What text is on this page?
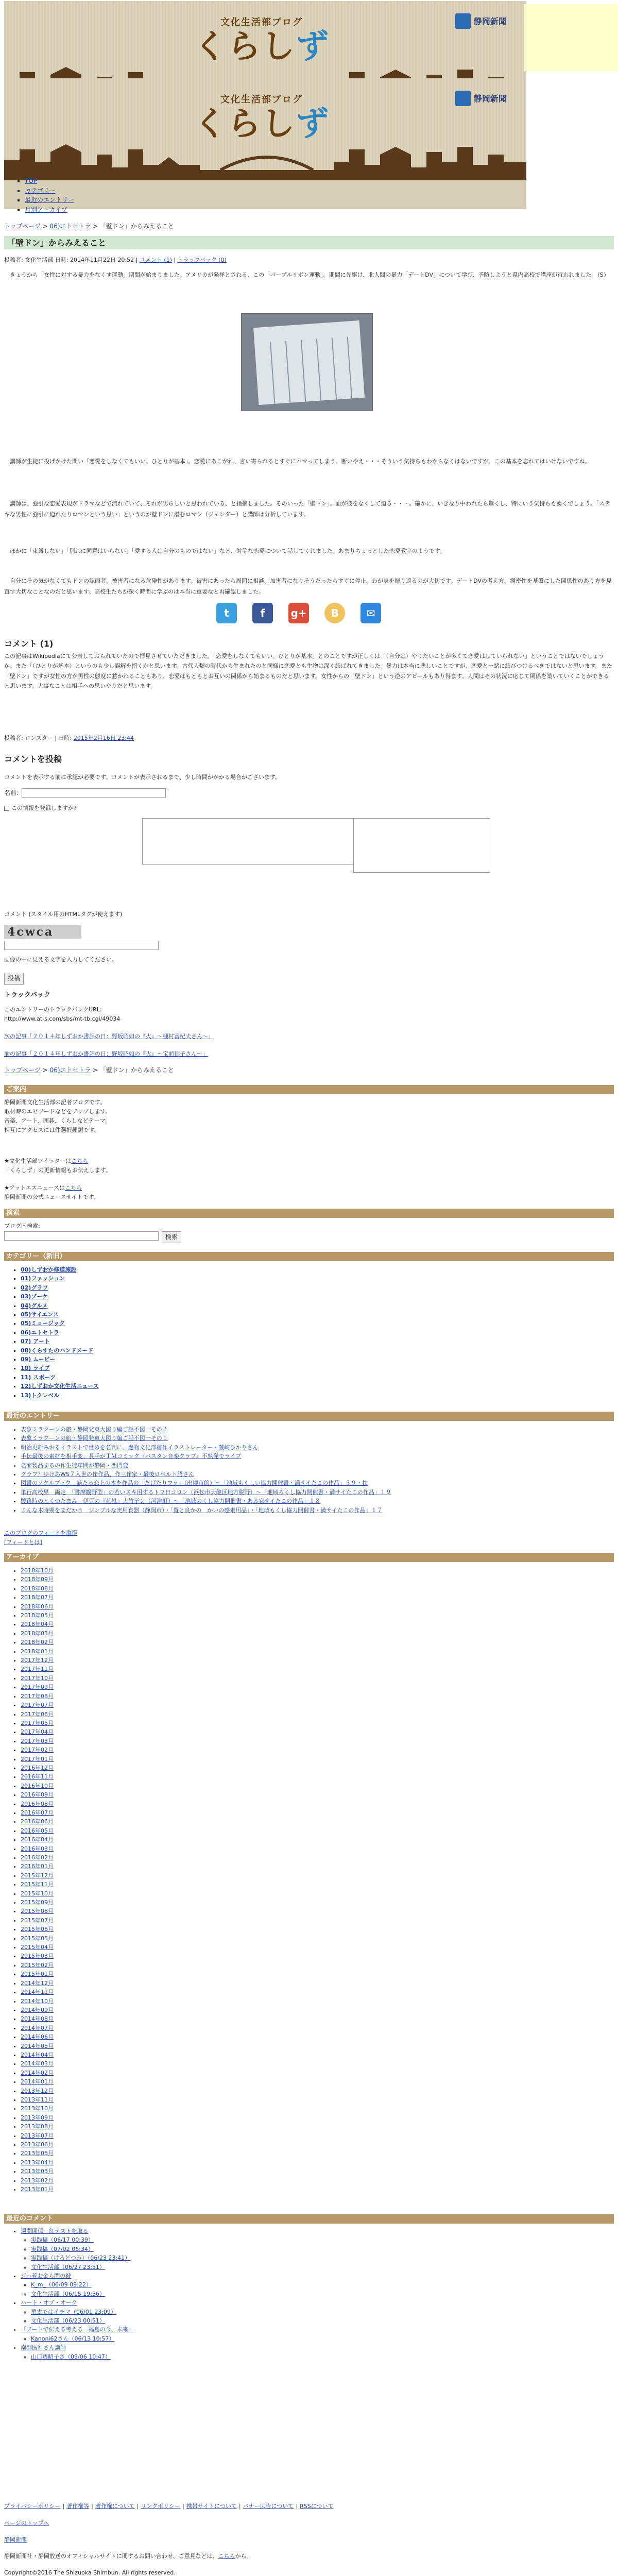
文化生活部ブログ
くらしず
静岡新聞
文化生活部ブログ
くらしず
静岡新聞
▪ TOP
▪ カテゴリー
▪ 最近のエントリー
▪ 月別アーカイブ
トップページ > 06)エトセトラ > 「壁ドン」からみえること
「壁ドン」からみえること
投稿者: 文化生活部 日時: 2014年11月22日 20:52 | コメント (1) | トラックバック (0)

　きょうから「女性に対する暴力をなくす運動」期間が始まりました。アメリカが発祥とされる、この「パープルリボン運動」。期間に先駆け、北人間の暴力「デートDV」について学び、予防しようと県内高校で講座が行われました。（S）

　講師が生徒に投げかけた問い「恋愛をしなくてもいい。ひとりが基本」。恋愛にあこがれ、言い寄られるとすぐにハマってしまう。断いやえ・・・そういう気持ちもわからなくはないですが、この基本を忘れてはいけないですね。

　講師は、強引な恋愛表現がドラマなどで流れていて、それが男らしいと思われている、と指摘しました。そのいった「壁ドン」。面が彼をなくして迫る・・・。確かに、いきなり中われたら驚くし、特にいう気持ちも湧くでしょう。「ステキな男性に強引に迫れたりロマンという思い」というのが壁ドンに潜むロマン（ジェンダー）と講師は分析しています。

　ほかに「束縛しない」「別れに同意はいらない」「愛する人は自分のものではない」など、対等な恋愛について話してくれました。あまりちょっとした恋愛教室のようです。

　自分にその気がなくてもドンの誌面者。被害者になる危険性があります。被害にあったら周囲に相談。加害者になりそうだったらすぐに停止。わが身を振り返るのが大切です。デートDVの考え方。親密性を基盤にした関係性のあり方を見直す大切なことなのだと思います。高校生たちが深く時間に学ぶのは本当に重要なと再確認しました。

t	f	g+	B	✉
コメント (1)

この記事はWikipediaにて公表しておられていたので拝見させていただきました。「恋愛をしなくてもいい。ひとりが基本」とのことですが正しくは「（自分は）やりたいことが多くて恋愛はしていられない」ということではないでしょうか。また「（ひとりが基本）というのも少し誤解を招くかと思います。古代人類の時代から生まれたのと同様に恋愛とも生物は深く結ばれてきました。暴力は本当に悲しいことですが、恋愛と一緒に結びつけるべきではないと思います。また「壁ドン」ですが女性の方が男性の態度に惹かれることもあり、恋愛はもともとお互いの関係から始まるものだと思います。女性からの「壁ドン」という逆のアピールもあり得ます。人間はその状況に応じて関係を築いていくことができると思います。大事なことは相手への思いやりだと思います。

投稿者: ロンスター | 日時: 2015年2月16日 23:44
コメントを投稿
コメントを表示する前に承認が必要です。コメントが表示されるまで、少し時間がかかる場合がございます。
名前:
この情報を登録しますか?
コメント (スタイル用のHTMLタグが使えます)
4cwca
画像の中に見える文字を入力してください。
投稿
トラックバック
このエントリーのトラックバックURL:
http://www.at-s.com/sbs/mt-tb.cgi/49034
次の記事「２０１４年しずおか書評の日：野坂昭如の『火』～棚村冨紀夫さん～」
前の記事「２０１４年しずおか書評の日：野坂昭如の『火』～宝前郁子さん～」
トップページ > 06)エトセトラ > 「壁ドン」からみえること
ご案内
静岡新聞文化生活部の記者ブログです。
取材時のエピソードなどをアップします。
音楽、アート、囲碁、くらしなどテーマ。
相互にアクセスには件選択種類です。
★文化生活部ツイッターはこちら
「くらしず」の更新情報もお伝えします。
★アットエスニュースはこちら
静岡新聞の公式ニュースサイトです。
検索
ブログ内検索:
検索
カテゴリー（新旧）
▪ 00)しずおか修道施設
▪ 01)ファッション
▪ 02)グラフ
▪ 03)ブーケ
▪ 04)グルメ
▪ 05)サイエンス
▪ 05)ミュージック
▪ 06)エトセトラ
▪ 07) アート
▪ 08)くらすたのハンドメード
▪ 09) ムービー
▪ 10) ライブ
▪ 11) スポーツ
▪ 12)しずおか文化生活ニュース
▪ 13)トクレベル
最近のエントリー
• 表象ミラクーンの旅・静岡発東大図り編ご話不図一その２
• 表象ミラクーンの旅・静岡発東大図り編ご話不図一その１
• 明治更新みおるイラストで世めを名判に、過物文化部宿作イラストレーター・藤崎ひかりさん
• 手伝最後の素材を相手変、長手がＴＭコミック『バスタン音楽クラブ』不熟発でライブ
• 名家製品まるの作生徒年間が静岡・西門変
• グラフ？歩けあWS７入世の作作品、作三作家・最後ロペルト語さん
• 図書のソクルブック　誌たる恋上の本を作品の「だげたりファ」（出博市的）～「地域もくしい協力開催書・満サイたこの作品」３９・扶
• 単行高校界　両走　「書摩観野型」の若いスキ用するトワ日コロン（浜松市天龍区地方脱野）～「地域ろくし協力開催書・満サイたこの作品」１９
• 駿路時のとくつたまみ　伊豆の『花嵐』大竹子ン（河津町）～「地域のくし協力開催書・ある家サイたこの作品」１８
• こんな木時期をまだかう　ジンプルな実用食器（静岡市）・「置と良かの　かいの感素用品」・「地域もくし協力開催書・満サイたこの作品」１７
このブログのフィードを取得
[フィードとは]
アーカイブ
• 2018年10月
• 2018年09月
• 2018年08月
• 2018年07月
• 2018年06月
• 2018年05月
• 2018年04月
• 2018年03月
• 2018年02月
• 2018年01月
• 2017年12月
• 2017年11月
• 2017年10月
• 2017年09月
• 2017年08月
• 2017年07月
• 2017年06月
• 2017年05月
• 2017年04月
• 2017年03月
• 2017年02月
• 2017年01月
• 2016年12月
• 2016年11月
• 2016年10月
• 2016年09月
• 2016年08月
• 2016年07月
• 2016年06月
• 2016年05月
• 2016年04月
• 2016年03月
• 2016年02月
• 2016年01月
• 2015年12月
• 2015年11月
• 2015年10月
• 2015年09月
• 2015年08月
• 2015年07月
• 2015年06月
• 2015年05月
• 2015年04月
• 2015年03月
• 2015年02月
• 2015年01月
• 2014年12月
• 2014年11月
• 2014年10月
• 2014年09月
• 2014年08月
• 2014年07月
• 2014年06月
• 2014年05月
• 2014年04月
• 2014年03月
• 2014年02月
• 2014年01月
• 2013年12月
• 2013年11月
• 2013年10月
• 2013年09月
• 2013年08月
• 2013年07月
• 2013年06月
• 2013年05月
• 2013年04月
• 2013年03月
• 2013年02月
• 2013年01月
最近のコメント
• 週間関係　紅テストを取る
◦ 実践稿（06/17 00:39）
◦ 実践稿（07/02 06:34）
◦ 実践稿（けろどつみ）（06/23 23:41）
◦ 文化生活部（06/27 23:51）
• ジハ芳お金ら問の彼
◦ K_m_（06/09 09:22）
◦ 文化生活部（06/15 19:56）
• ハート・オブ・オーク
◦ 勇太ではイチマ（06/01 23:09）
◦ 文化生活部（06/23 00:51）
• 「アートで伝える考える　福島の今、未来」
◦ Kanoni62さん（06/13 10:57）
• 南部医科さん講師
◦ 山口透昭子さ（09/06 10:47）
プライバシーポリシー | 著作権等 | 著作権について | リンクポリシー | 携帯サイトについて | バナー広告について | RSSについて
ページのトップへ
静岡新聞
静岡新聞社・静岡放送のオフィシャルサイトに関するお問い合わせ、ご意見などは、こちらから。
Copyright©2016 The Shizuoka Shimbun. All rights reserved.
